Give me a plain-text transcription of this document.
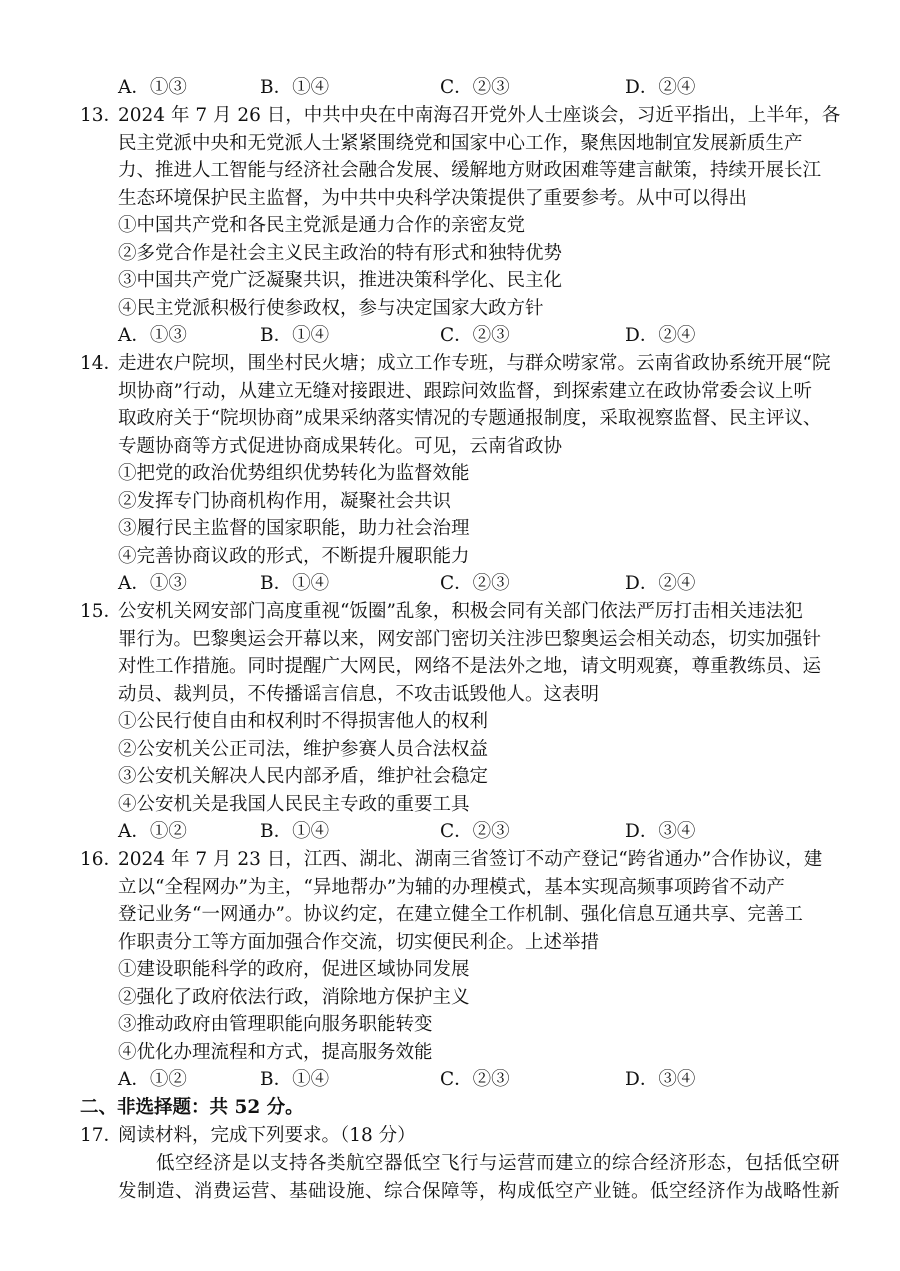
A．①③	B．①④	C．②③	D．②④
13．
2024 年 7 月 26 日，中共中央在中南海召开党外人士座谈会，习近平指出，上半年，各
民主党派中央和无党派人士紧紧围绕党和国家中心工作，聚焦因地制宜发展新质生产
力、推进人工智能与经济社会融合发展、缓解地方财政困难等建言献策，持续开展长江
生态环境保护民主监督，为中共中央科学决策提供了重要参考。从中可以得出
①中国共产党和各民主党派是通力合作的亲密友党
②多党合作是社会主义民主政治的特有形式和独特优势
③中国共产党广泛凝聚共识，推进决策科学化、民主化
④民主党派积极行使参政权，参与决定国家大政方针
A．①③	B．①④	C．②③	D．②④
14．
走进农户院坝，围坐村民火塘；成立工作专班，与群众唠家常。云南省政协系统开展“院
坝协商”行动，从建立无缝对接跟进、跟踪问效监督，到探索建立在政协常委会议上听
取政府关于“院坝协商”成果采纳落实情况的专题通报制度，采取视察监督、民主评议、
专题协商等方式促进协商成果转化。可见，云南省政协
①把党的政治优势组织优势转化为监督效能
②发挥专门协商机构作用，凝聚社会共识
③履行民主监督的国家职能，助力社会治理
④完善协商议政的形式，不断提升履职能力
A．①③	B．①④	C．②③	D．②④
15．
公安机关网安部门高度重视“饭圈”乱象，积极会同有关部门依法严厉打击相关违法犯
罪行为。巴黎奥运会开幕以来，网安部门密切关注涉巴黎奥运会相关动态，切实加强针
对性工作措施。同时提醒广大网民，网络不是法外之地，请文明观赛，尊重教练员、运
动员、裁判员，不传播谣言信息，不攻击诋毁他人。这表明
①公民行使自由和权利时不得损害他人的权利
②公安机关公正司法，维护参赛人员合法权益
③公安机关解决人民内部矛盾，维护社会稳定
④公安机关是我国人民民主专政的重要工具
A．①②	B．①④	C．②③	D．③④
16．
2024 年 7 月 23 日，江西、湖北、湖南三省签订不动产登记“跨省通办”合作协议，建
立以“全程网办”为主，“异地帮办”为辅的办理模式，基本实现高频事项跨省不动产
登记业务“一网通办”。协议约定，在建立健全工作机制、强化信息互通共享、完善工
作职责分工等方面加强合作交流，切实便民利企。上述举措
①建设职能科学的政府，促进区域协同发展
②强化了政府依法行政，消除地方保护主义
③推动政府由管理职能向服务职能转变
④优化办理流程和方式，提高服务效能
A．①②	B．①④	C．②③	D．③④
二、非选择题：共 52 分。
17．
阅读材料，完成下列要求。（18 分）
低空经济是以支持各类航空器低空飞行与运营而建立的综合经济形态，包括低空研
发制造、消费运营、基础设施、综合保障等，构成低空产业链。低空经济作为战略性新
